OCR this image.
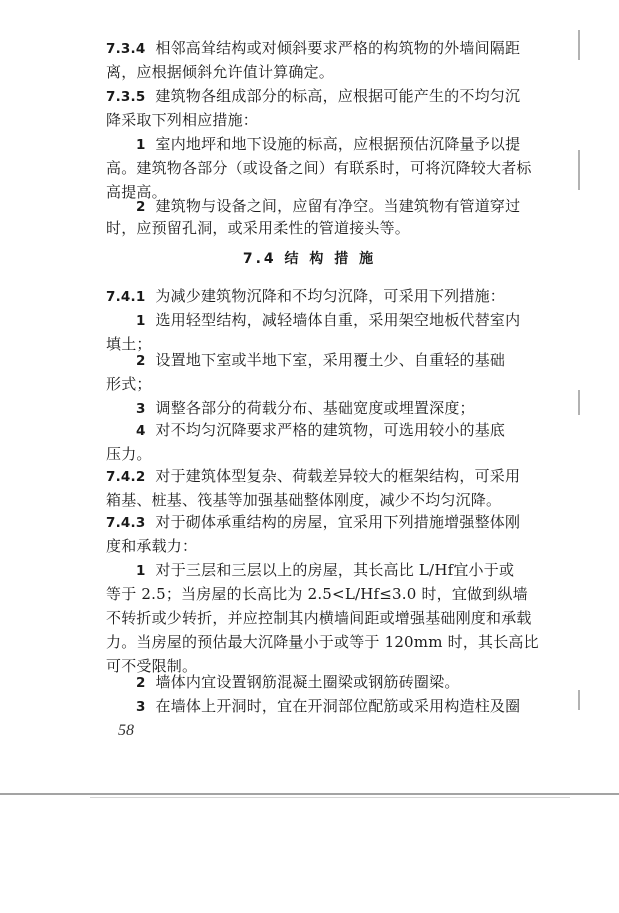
7.3.4 相邻高耸结构或对倾斜要求严格的构筑物的外墙间隔距
离，应根据倾斜允许值计算确定。
7.3.5 建筑物各组成部分的标高，应根据可能产生的不均匀沉
降采取下列相应措施：
1 室内地坪和地下设施的标高，应根据预估沉降量予以提
高。建筑物各部分（或设备之间）有联系时，可将沉降较大者标
高提高。
2 建筑物与设备之间，应留有净空。当建筑物有管道穿过
时，应预留孔洞，或采用柔性的管道接头等。
7.4 结 构 措 施
7.4.1 为减少建筑物沉降和不均匀沉降，可采用下列措施：
1 选用轻型结构，减轻墙体自重，采用架空地板代替室内
填土；
2 设置地下室或半地下室，采用覆土少、自重轻的基础
形式；
3 调整各部分的荷载分布、基础宽度或埋置深度；
4 对不均匀沉降要求严格的建筑物，可选用较小的基底
压力。
7.4.2 对于建筑体型复杂、荷载差异较大的框架结构，可采用
箱基、桩基、筏基等加强基础整体刚度，减少不均匀沉降。
7.4.3 对于砌体承重结构的房屋，宜采用下列措施增强整体刚
度和承载力：
1 对于三层和三层以上的房屋，其长高比 L/Hf宜小于或
等于 2.5；当房屋的长高比为 2.5<L/Hf≤3.0 时，宜做到纵墙
不转折或少转折，并应控制其内横墙间距或增强基础刚度和承载
力。当房屋的预估最大沉降量小于或等于 120mm 时，其长高比
可不受限制。
2 墙体内宜设置钢筋混凝土圈梁或钢筋砖圈梁。
3 在墙体上开洞时，宜在开洞部位配筋或采用构造柱及圈
58
